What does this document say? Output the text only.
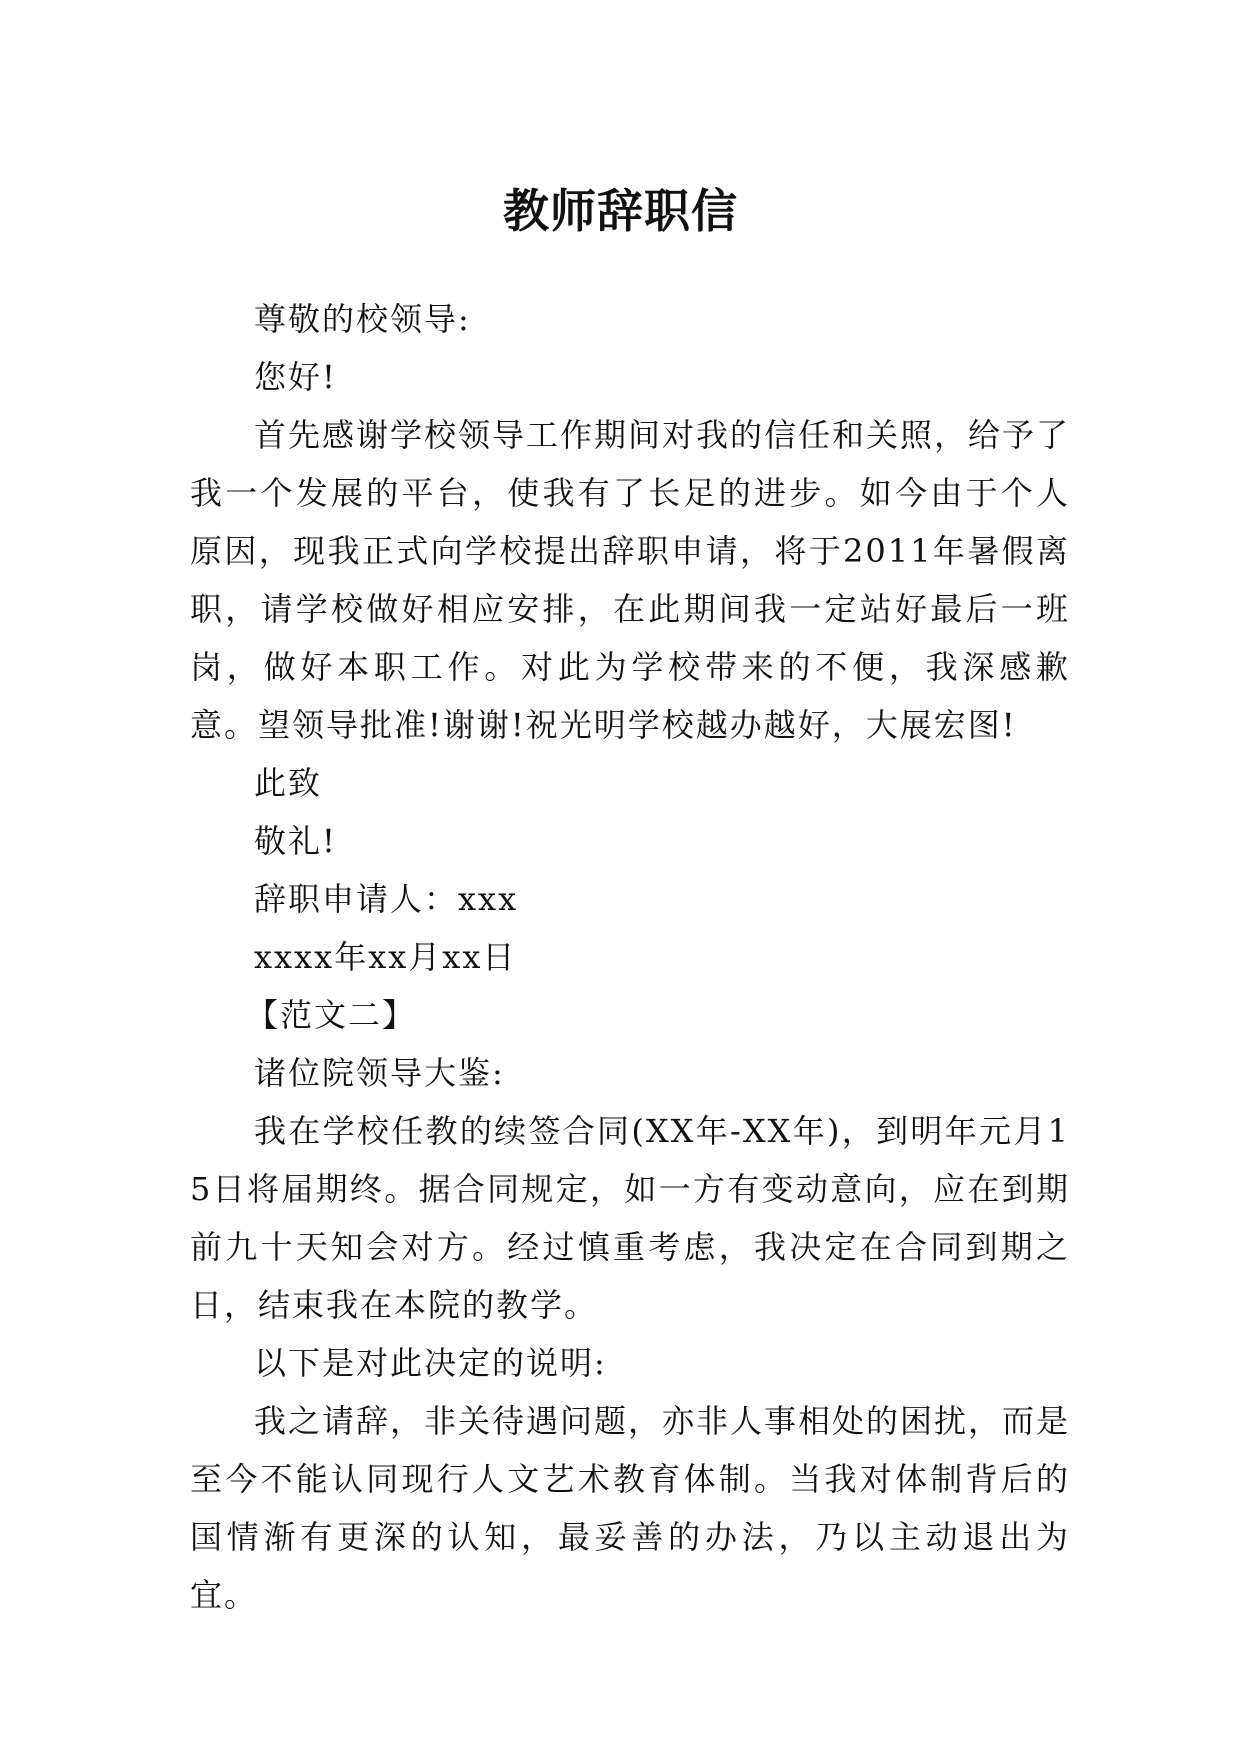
教师辞职信

尊敬的校领导:

您好!

首先感谢学校领导工作期间对我的信任和关照，给予了我一个发展的平台，使我有了长足的进步。如今由于个人原因，现我正式向学校提出辞职申请，将于2011年暑假离职，请学校做好相应安排，在此期间我一定站好最后一班岗，做好本职工作。对此为学校带来的不便，我深感歉意。望领导批准!谢谢!祝光明学校越办越好，大展宏图!

此致

敬礼!

辞职申请人：xxx

xxxx年xx月xx日

【范文二】

诸位院领导大鉴:

我在学校任教的续签合同(XX年-XX年)，到明年元月15日将届期终。据合同规定，如一方有变动意向，应在到期前九十天知会对方。经过慎重考虑，我决定在合同到期之日，结束我在本院的教学。

以下是对此决定的说明:

我之请辞，非关待遇问题，亦非人事相处的困扰，而是至今不能认同现行人文艺术教育体制。当我对体制背后的国情渐有更深的认知，最妥善的办法，乃以主动退出为宜。
